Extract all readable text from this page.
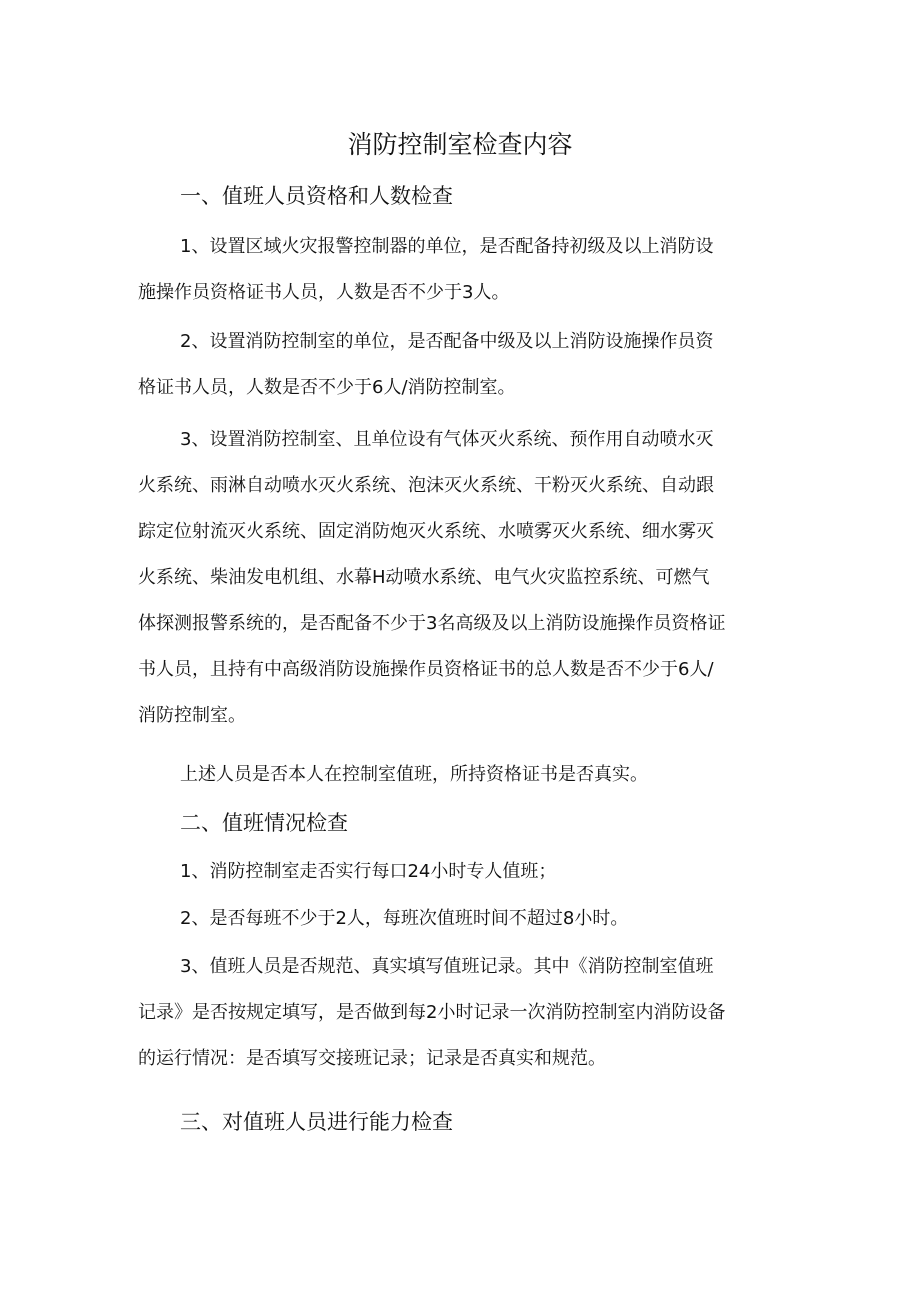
消防控制室检查内容
一、值班人员资格和人数检查

1、设置区域火灾报警控制器的单位，是否配备持初级及以上消防设
施操作员资格证书人员，人数是否不少于3人。

2、设置消防控制室的单位，是否配备中级及以上消防设施操作员资
格证书人员，人数是否不少于6人/消防控制室。

3、设置消防控制室、且单位设有气体灭火系统、预作用自动喷水灭
火系统、雨淋自动喷水灭火系统、泡沫灭火系统、干粉灭火系统、自动跟
踪定位射流灭火系统、固定消防炮灭火系统、水喷雾灭火系统、细水雾灭
火系统、柴油发电机组、水幕H动喷水系统、电气火灾监控系统、可燃气
体探测报警系统的，是否配备不少于3名高级及以上消防设施操作员资格证
书人员，且持有中高级消防设施操作员资格证书的总人数是否不少于6人/
消防控制室。

上述人员是否本人在控制室值班，所持资格证书是否真实。

二、值班情况检查

1、消防控制室走否实行每口24小时专人值班；

2、是否每班不少于2人，每班次值班时间不超过8小时。

3、值班人员是否规范、真实填写值班记录。其中《消防控制室值班
记录》是否按规定填写，是否做到每2小时记录一次消防控制室内消防设备
的运行情况：是否填写交接班记录；记录是否真实和规范。

三、对值班人员进行能力检查
